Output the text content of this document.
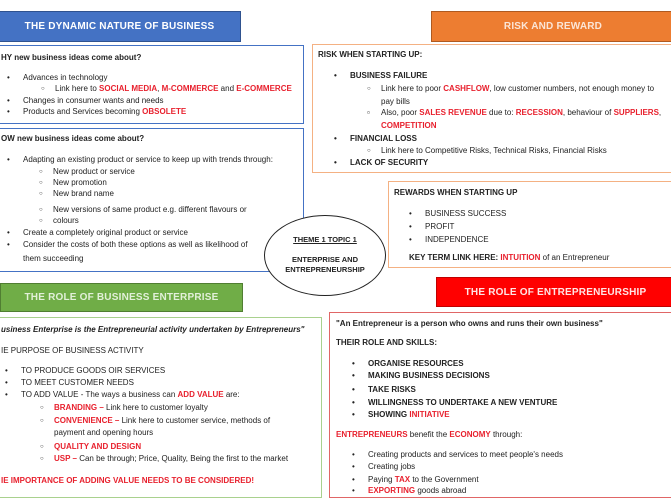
THE DYNAMIC NATURE OF BUSINESS	RISK AND REWARD
THE ROLE OF BUSINESS ENTERPRISE	THE ROLE OF ENTREPRENEURSHIP
HY new business ideas come about?
• Advances in technology
○ Link here to SOCIAL MEDIA, M-COMMERCE and E-COMMERCE
• Changes in consumer wants and needs
• Products and Services becoming OBSOLETE
OW new business ideas come about?
• Adapting an existing product or service to keep up with trends through:
○ New product or service
○ New promotion
○ New brand name
○ New versions of same product e.g. different flavours or
○ colours
• Create a completely original product or service
• Consider the costs of both these options as well as likelihood of
them succeeding
RISK WHEN STARTING UP:
• BUSINESS FAILURE
○ Link here to poor CASHFLOW, low customer numbers, not enough money to
pay bills
▫ Also, poor SALES REVENUE due to: RECESSION, behaviour of SUPPLIERS,
COMPETITION
• FINANCIAL LOSS
○ Link here to Competitive Risks, Technical Risks, Financial Risks
• LACK OF SECURITY
REWARDS WHEN STARTING UP
• BUSINESS SUCCESS
• PROFIT
• INDEPENDENCE
KEY TERM LINK HERE: INTUITION of an Entrepreneur
usiness Enterprise is the Entrepreneurial activity undertaken by Entrepreneurs"
IE PURPOSE OF BUSINESS ACTIVITY
• TO PRODUCE GOODS OIR SERVICES
• TO MEET CUSTOMER NEEDS
• TO ADD VALUE - The ways a business can ADD VALUE are:
○ BRANDING – Link here to customer loyalty
○ CONVENIENCE – Link here to customer service, methods of
payment and opening hours
○ QUALITY AND DESIGN
○ USP – Can be through; Price, Quality, Being the first to the market
IE IMPORTANCE OF ADDING VALUE NEEDS TO BE CONSIDERED!
"An Entrepreneur is a person who owns and runs their own business"
THEIR ROLE AND SKILLS:
• ORGANISE RESOURCES
• MAKING BUSINESS DECISIONS
• TAKE RISKS
• WILLINGNESS TO UNDERTAKE A NEW VENTURE
• SHOWING INITIATIVE
ENTREPRENEURS benefit the ECONOMY through:
• Creating products and services to meet people's needs
• Creating jobs
• Paying TAX to the Government
• EXPORTING goods abroad
THEME 1 TOPIC 1
ENTERPRISE AND
ENTREPRENEURSHIP
